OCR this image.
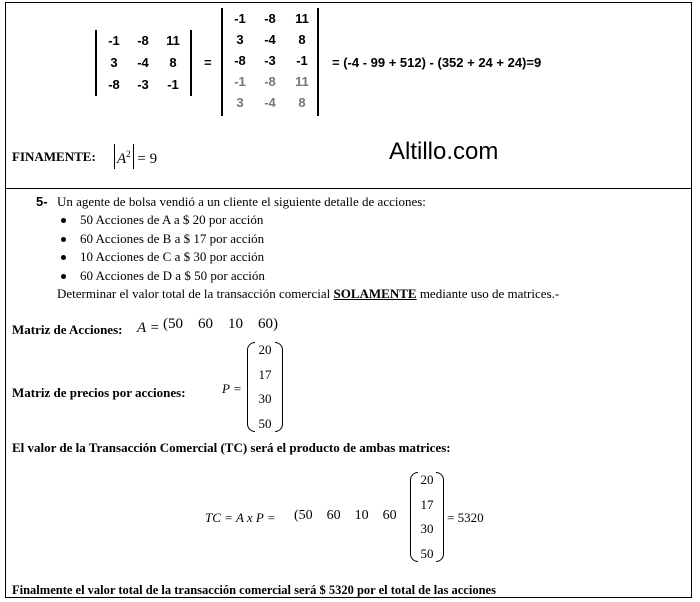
-1	-8	11
3	-4	8
-8	-3	-1
=
-1	-8	11
3	-4	8
-8	-3	-1
-1	-8	11
3	-4	8
= (-4 - 99 + 512) - (352 + 24 + 24)=9
FINAMENTE: $A^2 = 9$	Altillo.com
5- Un agente de bolsa vendió a un cliente el siguiente detalle de acciones:
50 Acciones de A a $ 20 por acción
60 Acciones de B a $ 17 por acción
10 Acciones de C a $ 30 por acción
60 Acciones de D a $ 50 por acción
Determinar el valor total de la transacción comercial SOLAMENTE mediante uso de matrices.-
Matriz de Acciones: A = (50    60    10    60)
Matriz de precios por acciones:	P =
20
17
30
50
El valor de la Transacción Comercial (TC) será el producto de ambas matrices:
TC = A x P = (50    60    10    60
20
17
30
50
= 5320
Finalmente el valor total de la transacción comercial será $ 5320 por el total de las acciones
